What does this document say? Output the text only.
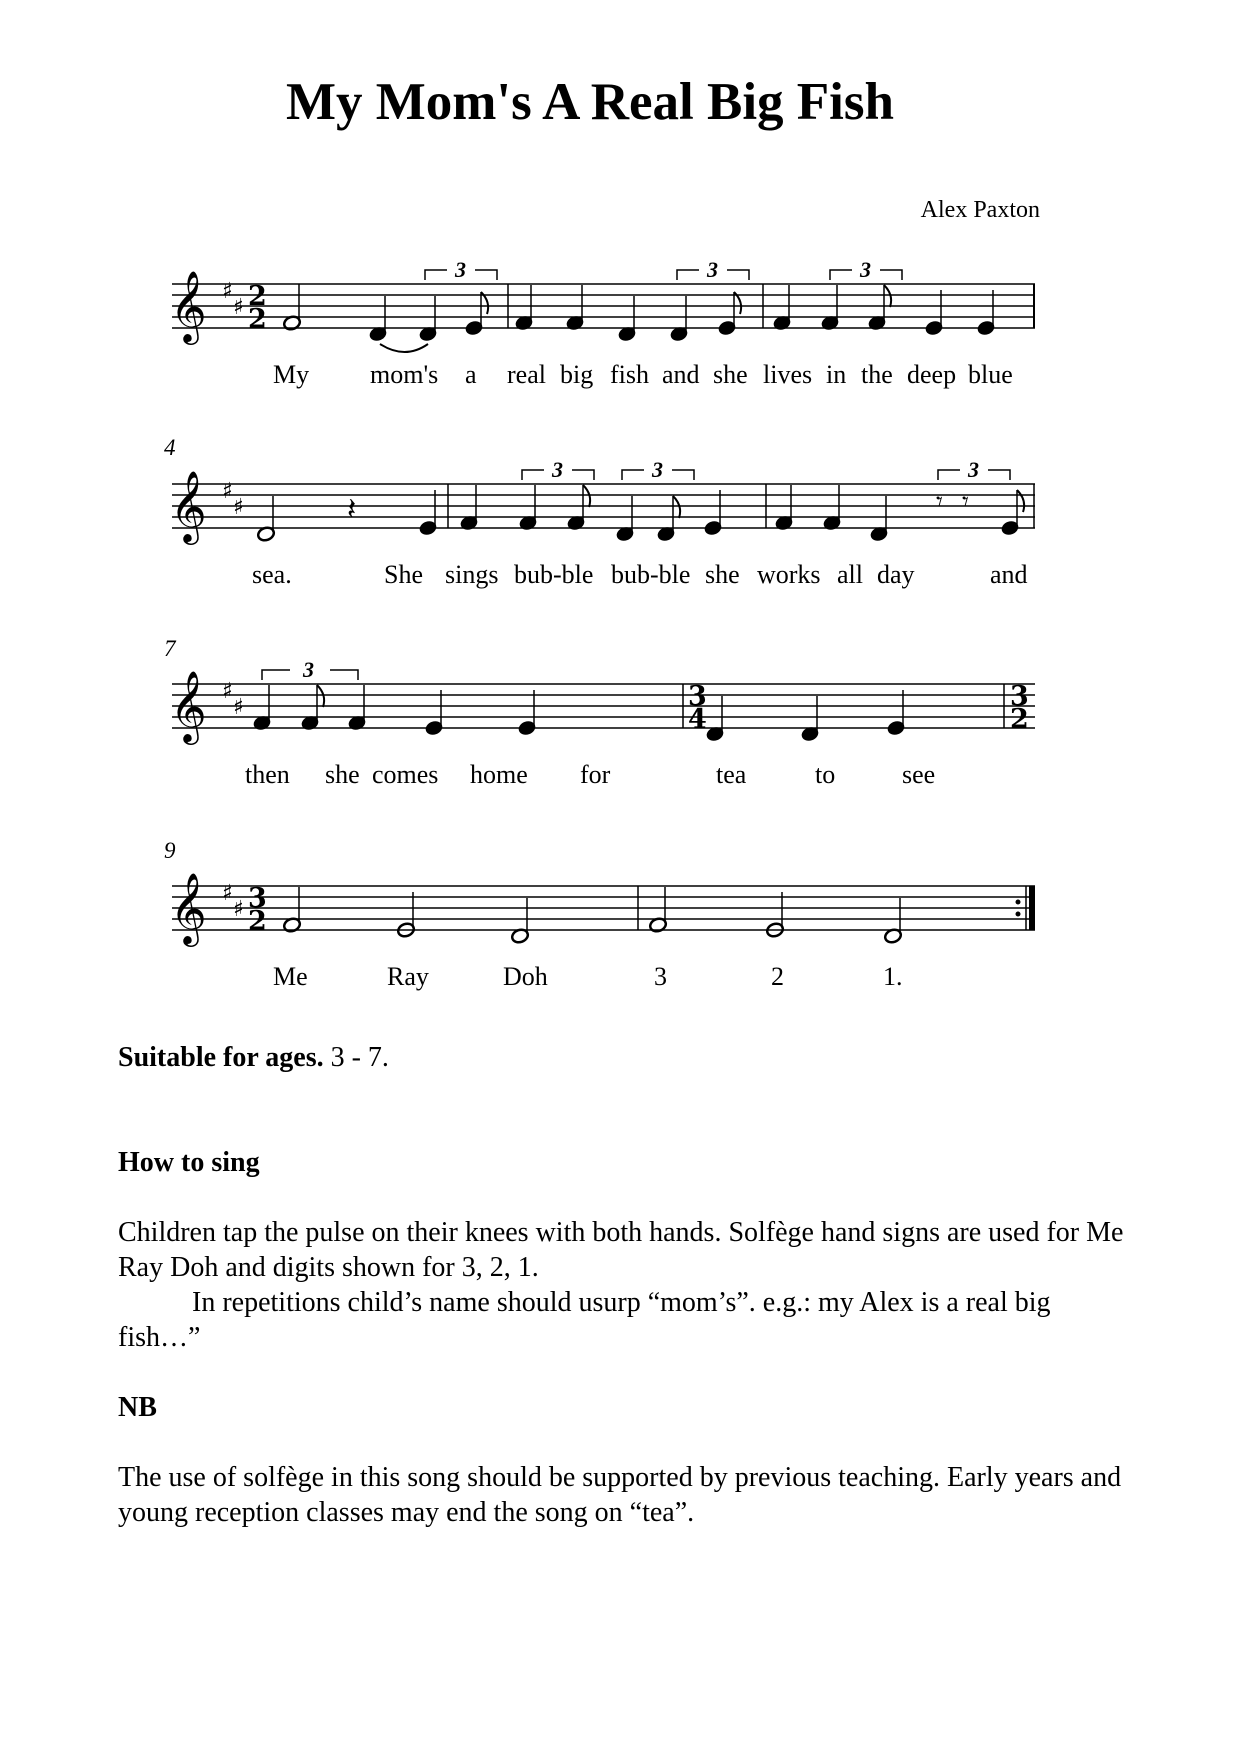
My Mom's A Real Big Fish
Alex Paxton
𝄞 ♯
♯ 2
2
3	3	3
My mom's a real big fish and she lives in the deep blue
4
𝄞 ♯
♯	𝄽	𝄾 𝄾
3	3	3
sea.	She sings bub-ble bub-ble she works all day	and
7
𝄞 ♯
♯	3
4
3
2
3
then she comes home for	tea	to	see
9
𝄞 ♯
♯ 3
2
Me	Ray	Doh	3	2	1.

Suitable for ages. 3 - 7.

How to sing

Children tap the pulse on their knees with both hands. Solfège hand signs are used for Me Ray Doh and digits shown for 3, 2, 1.

In repetitions child’s name should usurp “mom’s”. e.g.: my Alex is a real big fish…”

NB

The use of solfège in this song should be supported by previous teaching. Early years and young reception classes may end the song on “tea”.
